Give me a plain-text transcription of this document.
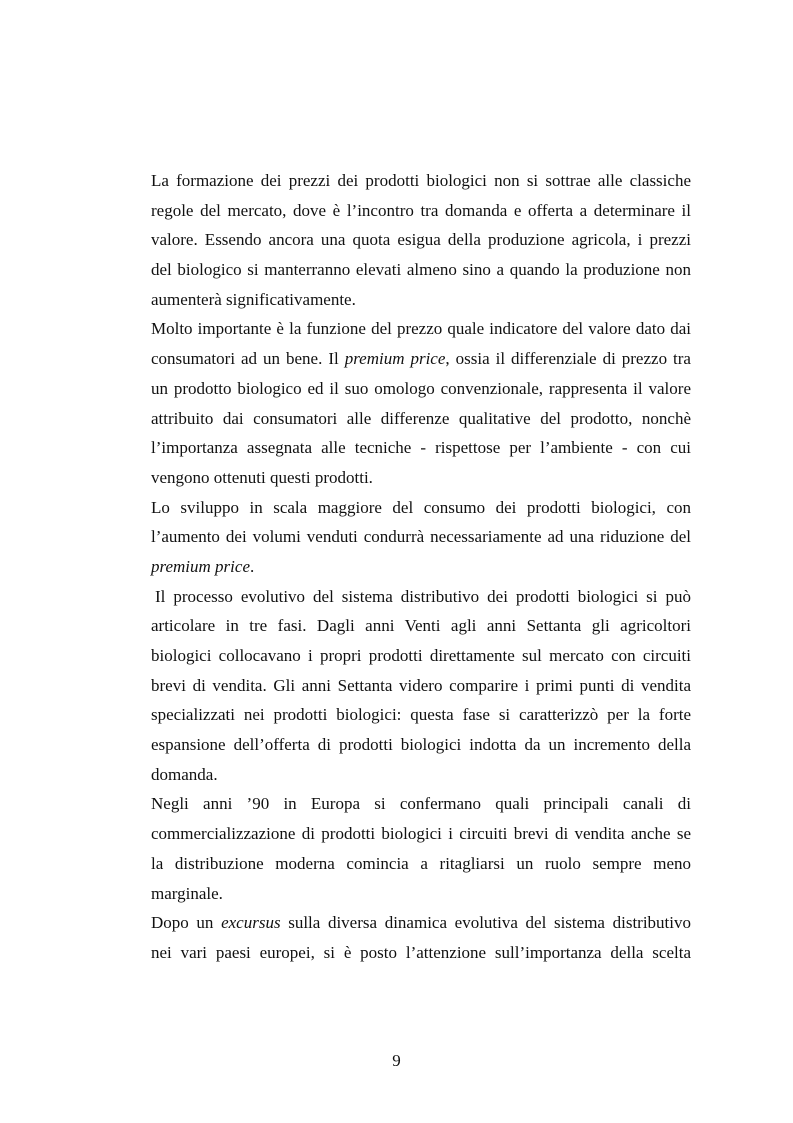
La formazione dei prezzi dei prodotti biologici non si sottrae alle classiche
regole del mercato, dove è l’incontro tra domanda e offerta a determinare il
valore. Essendo ancora una quota esigua della produzione agricola, i prezzi
del biologico si manterranno elevati almeno sino a quando la produzione non
aumenterà significativamente.
Molto importante è la funzione del prezzo quale indicatore del valore dato dai
consumatori ad un bene. Il premium price, ossia il differenziale di prezzo tra
un prodotto biologico ed il suo omologo convenzionale, rappresenta il valore
attribuito dai consumatori alle differenze qualitative del prodotto, nonchè
l’importanza assegnata alle tecniche - rispettose per l’ambiente - con cui
vengono ottenuti questi prodotti.
Lo sviluppo in scala maggiore del consumo dei prodotti biologici, con
l’aumento dei volumi venduti condurrà necessariamente ad una riduzione del
premium price.
Il processo evolutivo del sistema distributivo dei prodotti biologici si può
articolare in tre fasi. Dagli anni Venti agli anni Settanta gli agricoltori
biologici collocavano i propri prodotti direttamente sul mercato con circuiti
brevi di vendita. Gli anni Settanta videro comparire i primi punti di vendita
specializzati nei prodotti biologici: questa fase si caratterizzò per la forte
espansione dell’offerta di prodotti biologici indotta da un incremento della
domanda.
Negli anni ’90 in Europa si confermano quali principali canali di
commercializzazione di prodotti biologici i circuiti brevi di vendita anche se
la distribuzione moderna comincia a ritagliarsi un ruolo sempre meno
marginale.
Dopo un excursus sulla diversa dinamica evolutiva del sistema distributivo
nei vari paesi europei, si è posto l’attenzione sull’importanza della scelta
9
